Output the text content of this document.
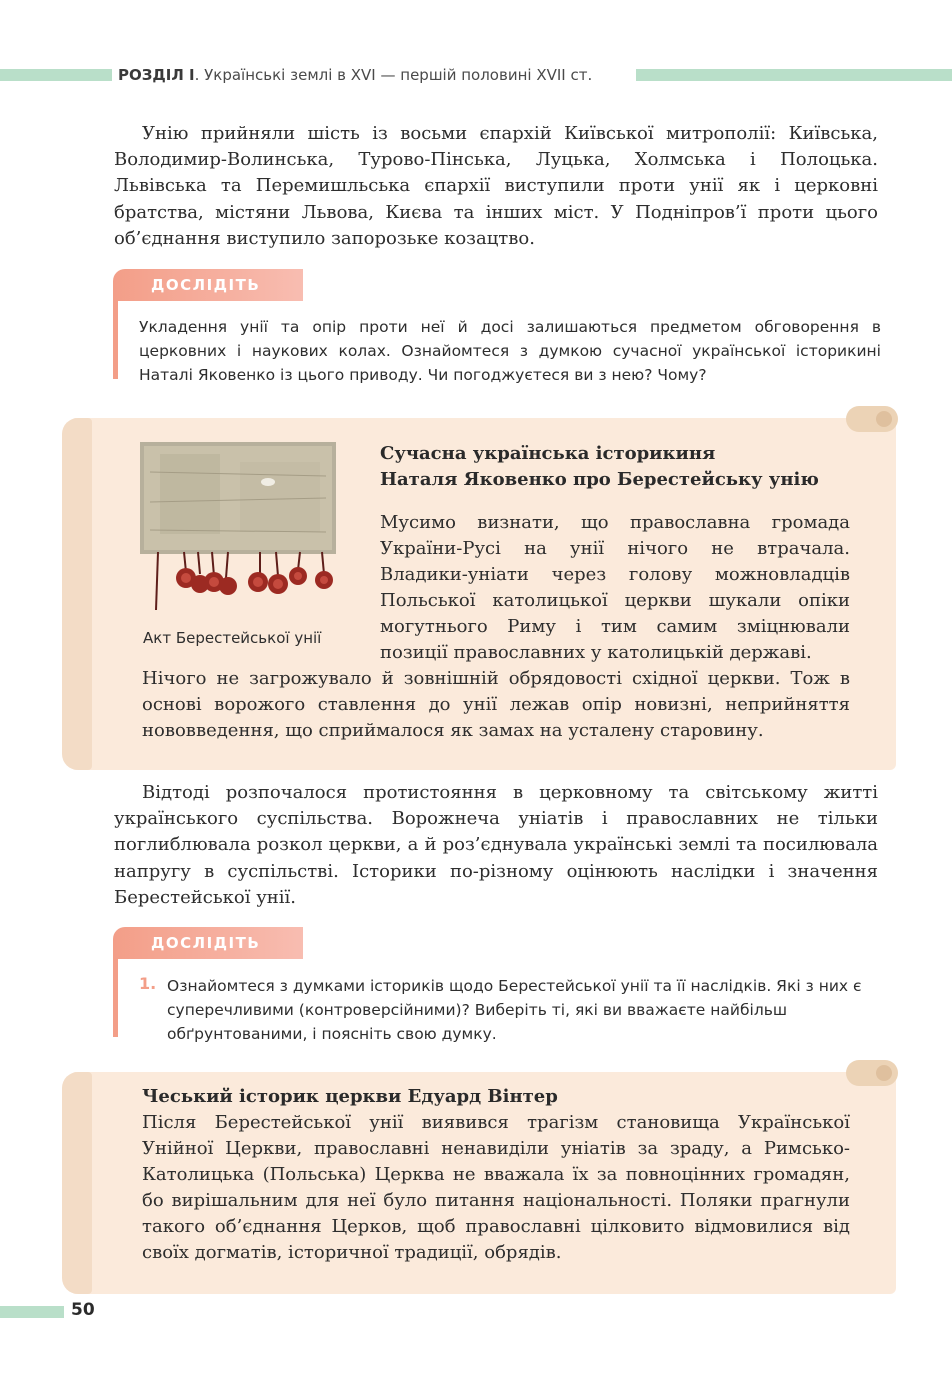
РОЗДІЛ І. Українські землі в XVI — першій половині XVII ст.

Унію прийняли шість із восьми єпархій Київської митрополії: Київська, Володимир-Волинська, Турово-Пінська, Луцька, Холмська і Полоцька. Львівська та Перемишльська єпархії виступили проти унії як і церковні братства, містяни Львова, Києва та інших міст. У Подніпров’ї проти цього об’єднання виступило запорозьке козацтво.

ДОСЛІДІТЬ

Укладення унії та опір проти неї й досі залишаються предметом обговорення в церковних і наукових колах. Ознайомтеся з думкою сучасної української історикині Наталі Яковенко із цього приводу. Чи погоджуєтеся ви з нею? Чому?

Акт Берестейської унії
Сучасна українська історикиня
Наталя Яковенко про Берестейську унію

Мусимо визнати, що православна громада України-Русі на унії нічого не втрачала. Владики-уніати через голову можновладців Польської католицької церкви шукали опіки могутнього Риму і тим самим зміцнювали позиції православних у католицькій державі.

Нічого не загрожувало й зовнішній обрядовості східної церкви. Тож в основі ворожого ставлення до унії лежав опір новизні, неприйняття нововведення, що сприймалося як замах на усталену старовину.

Відтоді розпочалося протистояння в церковному та світському житті українського суспільства. Ворожнеча уніатів і православних не тільки поглиблювала розкол церкви, а й роз’єднувала українські землі та посилювала напругу в суспільстві. Історики по-різному оцінюють наслідки і значення Берестейської унії.

ДОСЛІДІТЬ
1. Ознайомтеся з думками істориків щодо Берестейської унії та її наслідків. Які з них є суперечливими (контроверсійними)? Виберіть ті, які ви вважаєте найбільш обґрунтованими, і поясніть свою думку.

Чеський історик церкви Едуард Вінтер

Після Берестейської унії виявився трагізм становища Української Унійної Церкви, православні ненавиділи уніатів за зраду, а Римсько-Католицька (Польська) Церква не вважала їх за повноцінних громадян, бо вирішальним для неї було питання національності. Поляки прагнули такого об’єднання Церков, щоб православні цілковито відмовилися від своїх догматів, історичної традиції, обрядів.

50
